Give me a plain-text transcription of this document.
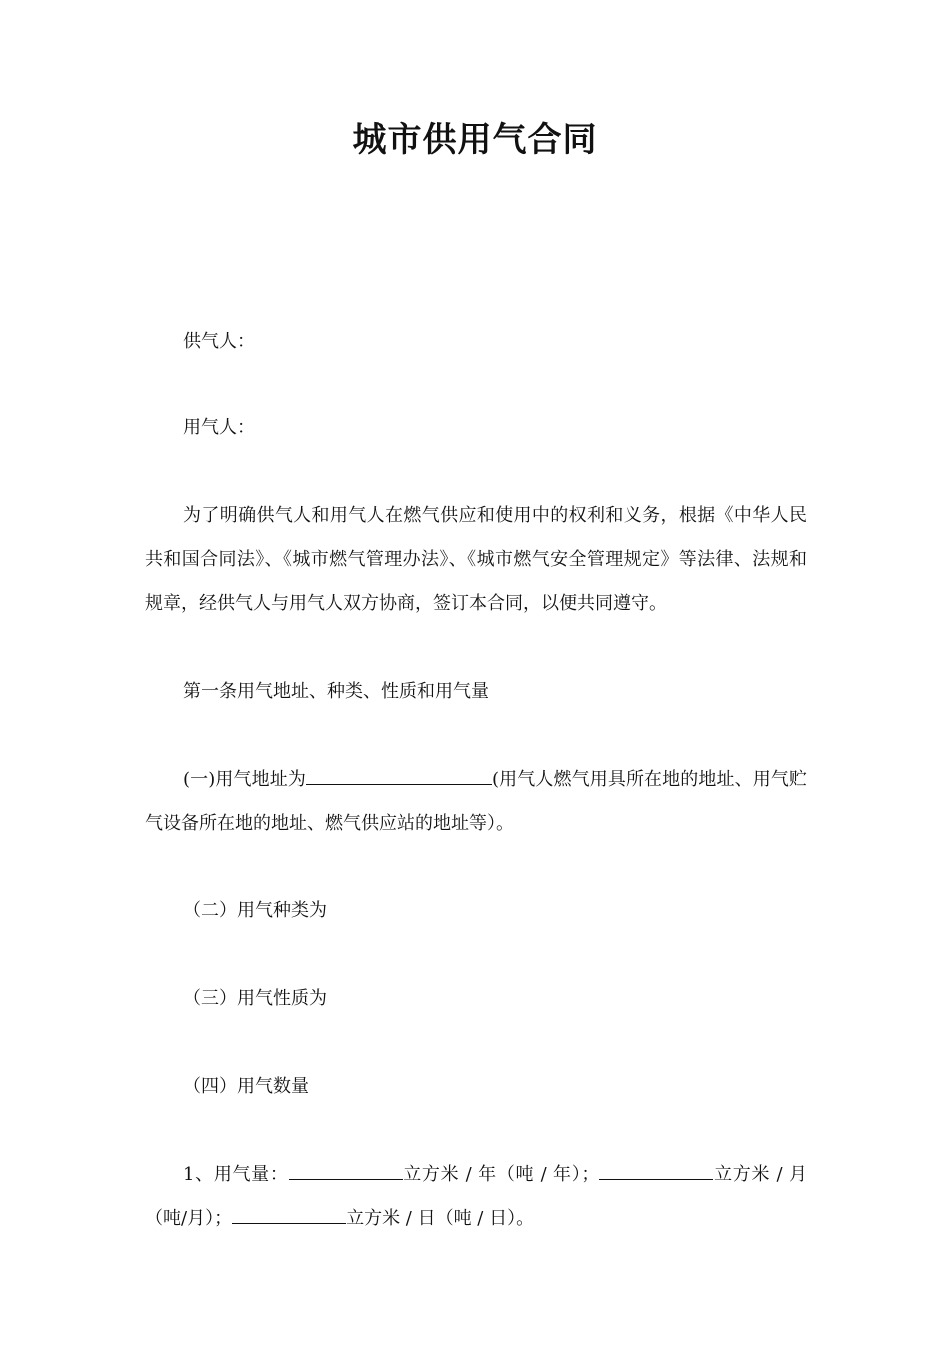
城市供用气合同
供气人：
用气人：
为了明确供气人和用气人在燃气供应和使用中的权利和义务，根据《中华人民共和国合同法》、《城市燃气管理办法》、《城市燃气安全管理规定》等法律、法规和规章，经供气人与用气人双方协商，签订本合同，以便共同遵守。
第一条用气地址、种类、性质和用气量
(一)用气地址为	(用气人燃气用具所在地的地址、用气贮气设备所在地的地址、燃气供应站的地址等）。
（二）用气种类为
（三）用气性质为
（四）用气数量
1、用气量：	立方米 / 年（吨 / 年）；	立方米 / 月（吨/月）；	立方米 / 日（吨 / 日）。
